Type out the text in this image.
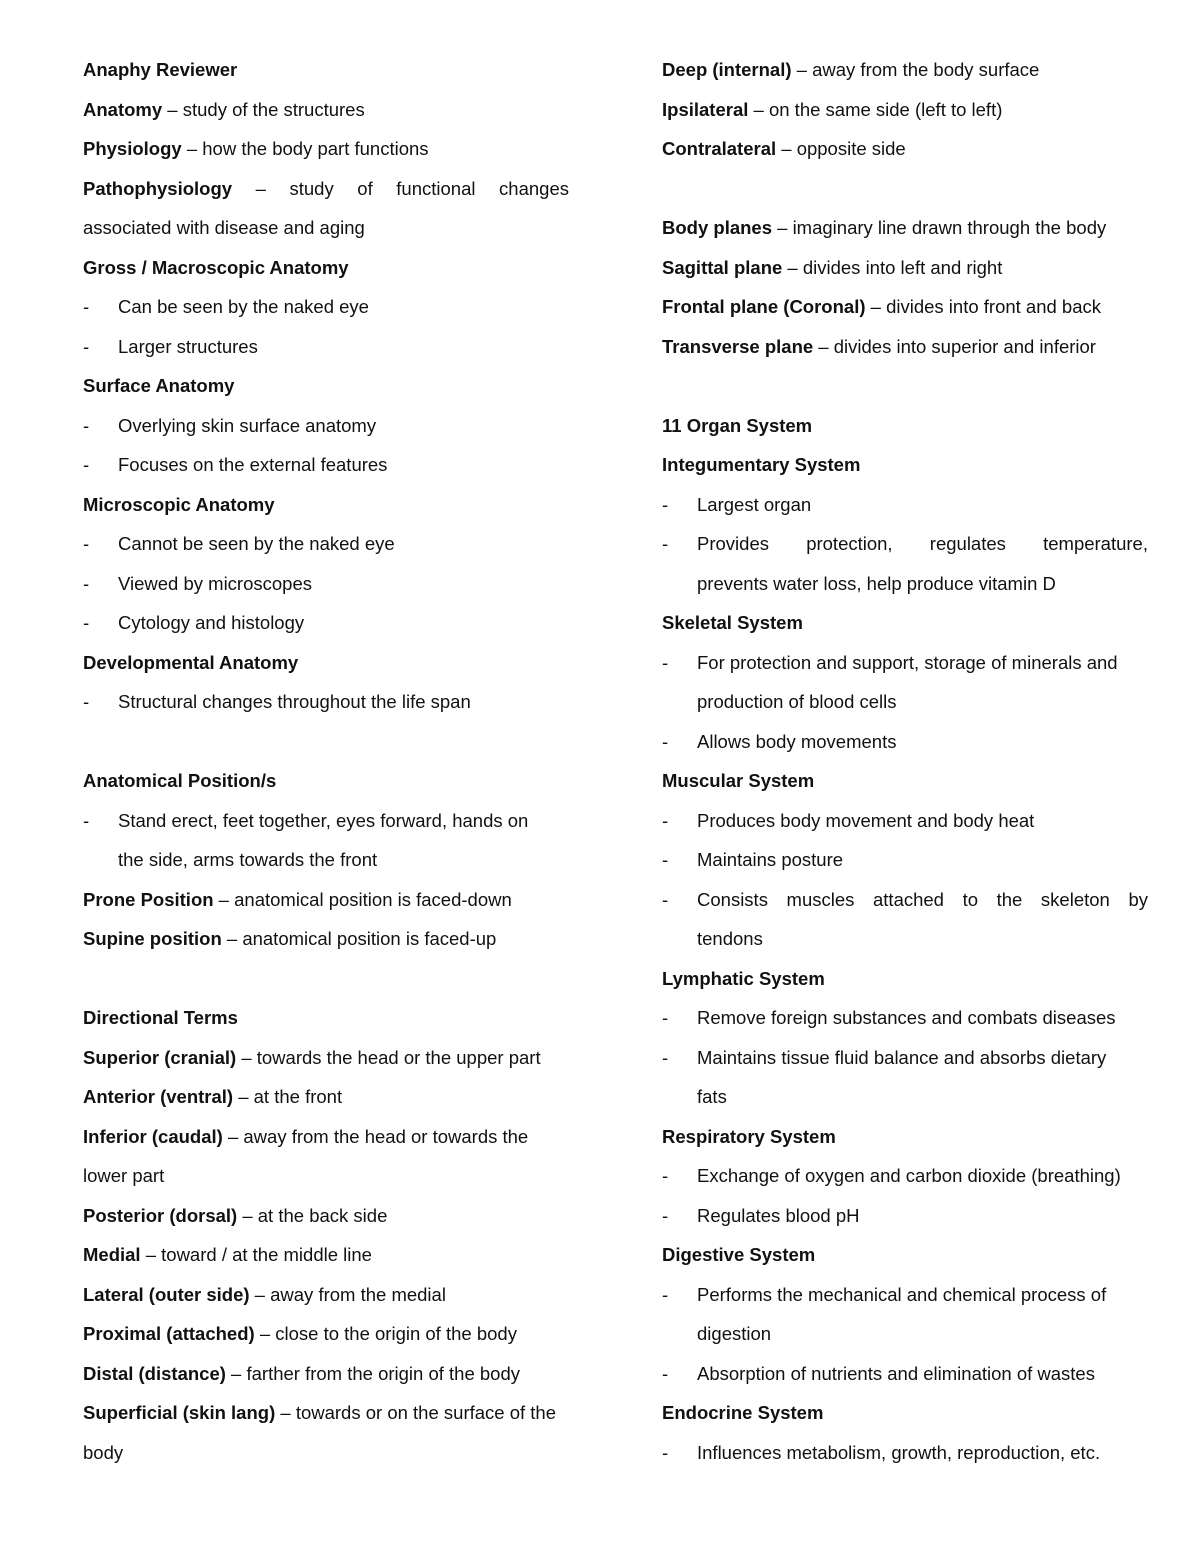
Anaphy Reviewer
Anatomy – study of the structures
Physiology – how the body part functions
Pathophysiology – study of functional changes
associated with disease and aging
Gross / Macroscopic Anatomy
- Can be seen by the naked eye
- Larger structures
Surface Anatomy
- Overlying skin surface anatomy
- Focuses on the external features
Microscopic Anatomy
- Cannot be seen by the naked eye
- Viewed by microscopes
- Cytology and histology
Developmental Anatomy
- Structural changes throughout the life span
Anatomical Position/s
- Stand erect, feet together, eyes forward, hands on
the side, arms towards the front
Prone Position – anatomical position is faced-down
Supine position – anatomical position is faced-up
Directional Terms
Superior (cranial) – towards the head or the upper part
Anterior (ventral) – at the front
Inferior (caudal) – away from the head or towards the
lower part
Posterior (dorsal) – at the back side
Medial – toward / at the middle line
Lateral (outer side) – away from the medial
Proximal (attached) – close to the origin of the body
Distal (distance) – farther from the origin of the body
Superficial (skin lang) – towards or on the surface of the
body
Deep (internal) – away from the body surface
Ipsilateral – on the same side (left to left)
Contralateral – opposite side
Body planes – imaginary line drawn through the body
Sagittal plane – divides into left and right
Frontal plane (Coronal) – divides into front and back
Transverse plane – divides into superior and inferior
11 Organ System
Integumentary System
- Largest organ
- Provides protection, regulates temperature,
prevents water loss, help produce vitamin D
Skeletal System
- For protection and support, storage of minerals and
production of blood cells
- Allows body movements
Muscular System
- Produces body movement and body heat
- Maintains posture
- Consists muscles attached to the skeleton by
tendons
Lymphatic System
- Remove foreign substances and combats diseases
- Maintains tissue fluid balance and absorbs dietary
fats
Respiratory System
- Exchange of oxygen and carbon dioxide (breathing)
- Regulates blood pH
Digestive System
- Performs the mechanical and chemical process of
digestion
- Absorption of nutrients and elimination of wastes
Endocrine System
- Influences metabolism, growth, reproduction, etc.
